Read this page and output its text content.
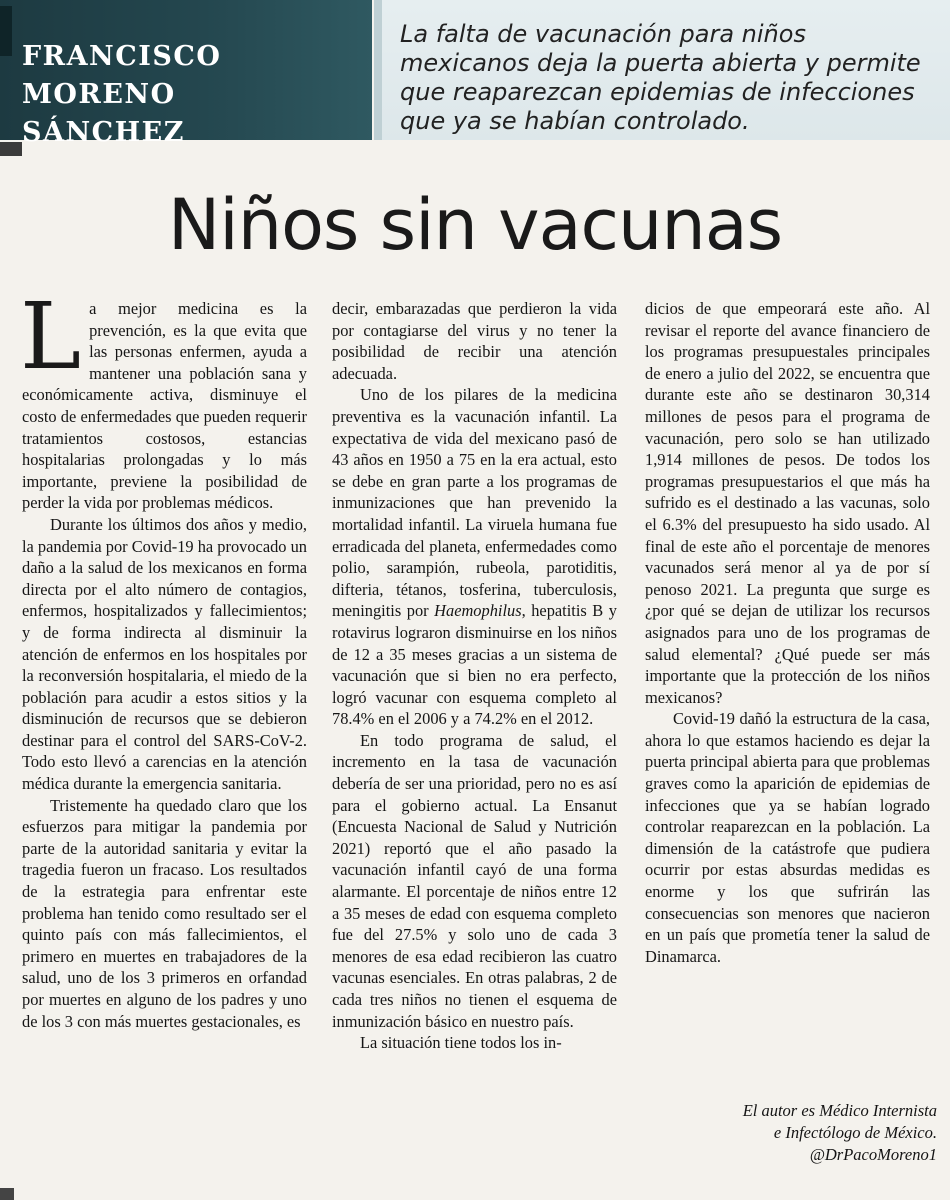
FRANCISCO MORENO
SÁNCHEZ
La falta de vacunación para niños mexicanos deja la puerta abierta y permite que reaparezcan epidemias de infecciones que ya se habían controlado.
Niños sin vacunas

La mejor medicina es la prevención, es la que evita que las personas enfermen, ayuda a mantener una población sana y económicamente activa, disminuye el costo de enfermedades que pueden requerir tratamientos costosos, estancias hospitalarias prolongadas y lo más importante, previene la posibilidad de perder la vida por problemas médicos.

Durante los últimos dos años y medio, la pandemia por Covid-19 ha provocado un daño a la salud de los mexicanos en forma directa por el alto número de contagios, enfermos, hospitalizados y fallecimientos; y de forma indirecta al disminuir la atención de enfermos en los hospitales por la reconversión hospitalaria, el miedo de la población para acudir a estos sitios y la disminución de recursos que se debieron destinar para el control del SARS-CoV-2. Todo esto llevó a carencias en la atención médica durante la emergencia sanitaria.

Tristemente ha quedado claro que los esfuerzos para mitigar la pandemia por parte de la autoridad sanitaria y evitar la tragedia fueron un fracaso. Los resultados de la estrategia para enfrentar este problema han tenido como resultado ser el quinto país con más fallecimientos, el primero en muertes en trabajadores de la salud, uno de los 3 primeros en orfandad por muertes en alguno de los padres y uno de los 3 con más muertes gestacionales, es

decir, embarazadas que perdieron la vida por contagiarse del virus y no tener la posibilidad de recibir una atención adecuada.

Uno de los pilares de la medicina preventiva es la vacunación infantil. La expectativa de vida del mexicano pasó de 43 años en 1950 a 75 en la era actual, esto se debe en gran parte a los programas de inmunizaciones que han prevenido la mortalidad infantil. La viruela humana fue erradicada del planeta, enfermedades como polio, sarampión, rubeola, parotiditis, difteria, tétanos, tosferina, tuberculosis, meningitis por Haemophilus, hepatitis B y rotavirus lograron disminuirse en los niños de 12 a 35 meses gracias a un sistema de vacunación que si bien no era perfecto, logró vacunar con esquema completo al 78.4% en el 2006 y a 74.2% en el 2012.

En todo programa de salud, el incremento en la tasa de vacunación debería de ser una prioridad, pero no es así para el gobierno actual. La Ensanut (Encuesta Nacional de Salud y Nutrición 2021) reportó que el año pasado la vacunación infantil cayó de una forma alarmante. El porcentaje de niños entre 12 a 35 meses de edad con esquema completo fue del 27.5% y solo uno de cada 3 menores de esa edad recibieron las cuatro vacunas esenciales. En otras palabras, 2 de cada tres niños no tienen el esquema de inmunización básico en nuestro país.

La situación tiene todos los in-

dicios de que empeorará este año. Al revisar el reporte del avance financiero de los programas presupuestales principales de enero a julio del 2022, se encuentra que durante este año se destinaron 30,314 millones de pesos para el programa de vacunación, pero solo se han utilizado 1,914 millones de pesos. De todos los programas presupuestarios el que más ha sufrido es el destinado a las vacunas, solo el 6.3% del presupuesto ha sido usado. Al final de este año el porcentaje de menores vacunados será menor al ya de por sí penoso 2021. La pregunta que surge es ¿por qué se dejan de utilizar los recursos asignados para uno de los programas de salud elemental? ¿Qué puede ser más importante que la protección de los niños mexicanos?

Covid-19 dañó la estructura de la casa, ahora lo que estamos haciendo es dejar la puerta principal abierta para que problemas graves como la aparición de epidemias de infecciones que ya se habían logrado controlar reaparezcan en la población. La dimensión de la catástrofe que pudiera ocurrir por estas absurdas medidas es enorme y los que sufrirán las consecuencias son menores que nacieron en un país que prometía tener la salud de Dinamarca.

El autor es Médico Internista
e Infectólogo de México.
@DrPacoMoreno1
